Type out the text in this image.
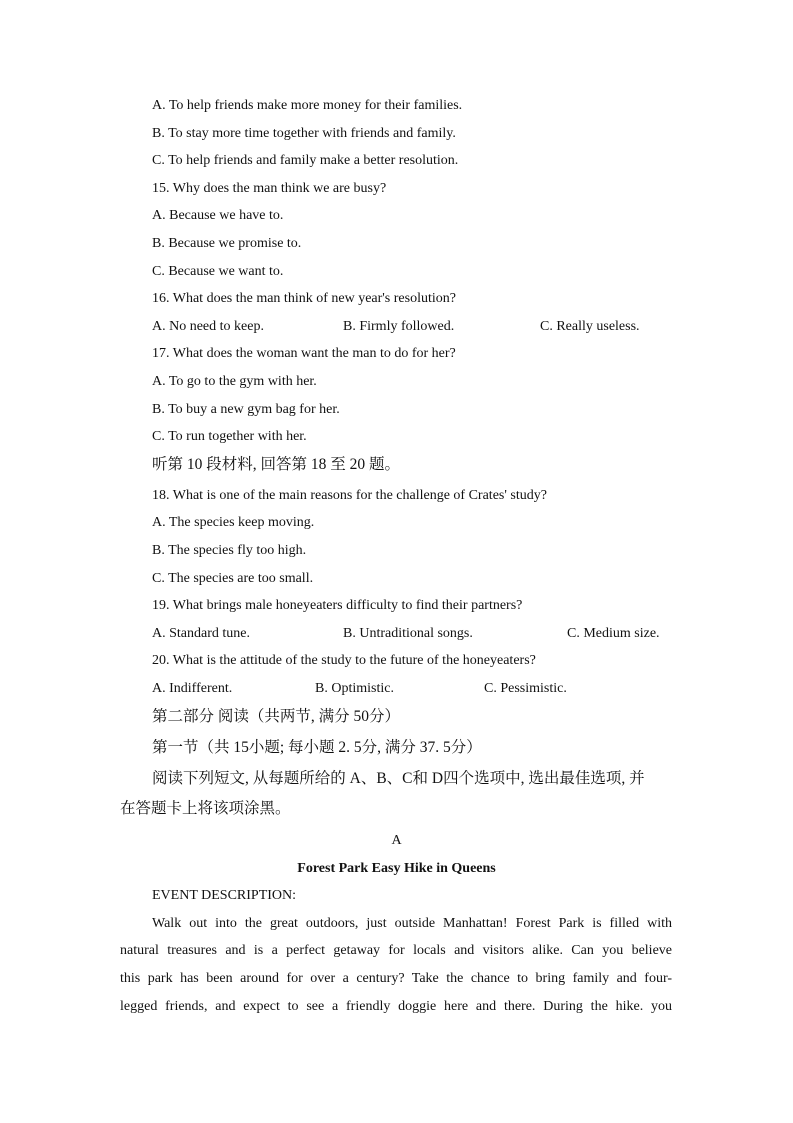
A. To help friends make more money for their families.
B. To stay more time together with friends and family.
C. To help friends and family make a better resolution.
15. Why does the man think we are busy?
A. Because we have to.
B. Because we promise to.
C. Because we want to.
16. What does the man think of new year's resolution?
A. No need to keep.	B. Firmly followed.	C. Really useless.
17. What does the woman want the man to do for her?
A. To go to the gym with her.
B. To buy a new gym bag for her.
C. To run together with her.
听第 10 段材料, 回答第 18 至 20 题。
18. What is one of the main reasons for the challenge of Crates' study?
A. The species keep moving.
B. The species fly too high.
C. The species are too small.
19. What brings male honeyeaters difficulty to find their partners?
A. Standard tune.	B. Untraditional songs.	C. Medium size.
20. What is the attitude of the study to the future of the honeyeaters?
A. Indifferent.	B. Optimistic.	C. Pessimistic.
第二部分 阅读（共两节, 满分 50分）
第一节（共 15小题; 每小题 2. 5分, 满分 37. 5分）
阅读下列短文, 从每题所给的 A、B、C和 D四个选项中, 选出最佳选项, 并
在答题卡上将该项涂黑。
A
Forest Park Easy Hike in Queens
EVENT DESCRIPTION:
Walk out into the great outdoors, just outside Manhattan! Forest Park is filled with
natural treasures and is a perfect getaway for locals and visitors alike. Can you believe
this park has been around for over a century? Take the chance to bring family and four-
legged friends, and expect to see a friendly doggie here and there. During the hike. you
